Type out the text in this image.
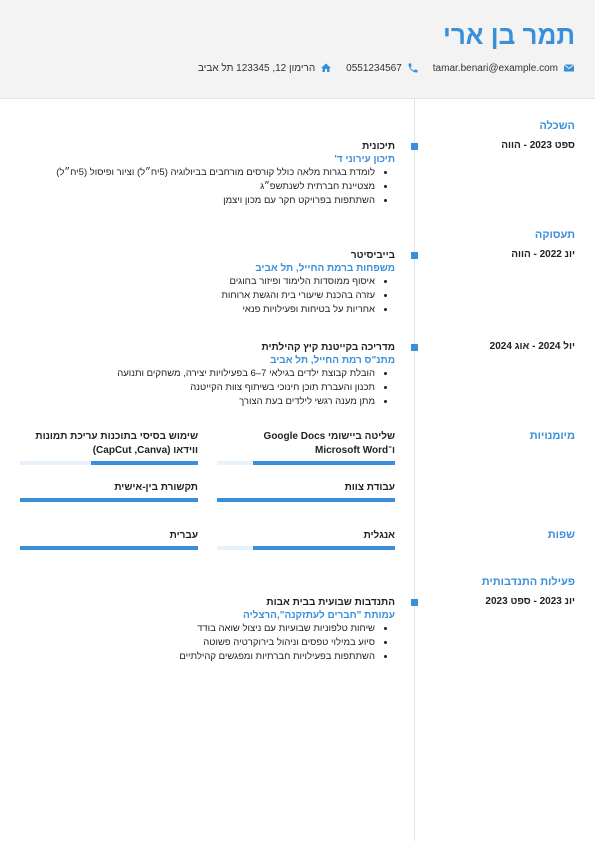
תמר בן ארי
tamar.benari@example.com
0551234567
הרימון 12, 123345 תל אביב
השכלה
ספט 2023 - הווה
תיכונית
תיכון עירוני ד'
• לומדת בגרות מלאה כולל קורסים מורחבים בביולוגיה (5יח״ל) וציור ופיסול (5יח״ל)
• מצטיינת חברתית לשנתשפ״ג
• השתתפות בפרויקט חקר עם מכון ויצמן
תעסוקה
יונ 2022 - הווה
בייביסיטר
משפחות ברמת החייל, תל אביב
• איסוף ממוסדות הלימוד ופיזור בחוגים
• עזרה בהכנת שיעורי בית והגשת ארוחות
• אחריות על בטיחות ופעילויות פנאי
יול 2024 - אוג 2024
מדריכה בקייטנת קיץ קהילתית
מתנ"ס רמת החייל, תל אביב
• הובלת קבוצת ילדים בגילאי 7–6 בפעילויות יצירה, משחקים ותנועה
• תכנון והעברת תוכן חינוכי בשיתוף צוות הקייטנה
• מתן מענה רגשי לילדים בעת הצורך
מיומנויות
שליטה ביישומי Google Docs ו־Microsoft Word
שימוש בסיסי בתוכנות עריכת תמונות ווידאו (CapCut ,Canva)
עבודת צוות
תקשורת בין-אישית
שפות
אנגלית
עברית
פעילות התנדבותית
יונ 2023 - ספט 2023
התנדבות שבועית בבית אבות
עמותת "חברים לעתזקנה",הרצליה
• שיחות טלפוניות שבועיות עם ניצול שואה בודד
• סיוע במילוי טפסים וניהול בירוקרטיה פשוטה
• השתתפות בפעילויות חברתיות ומפגשים קהילתיים
